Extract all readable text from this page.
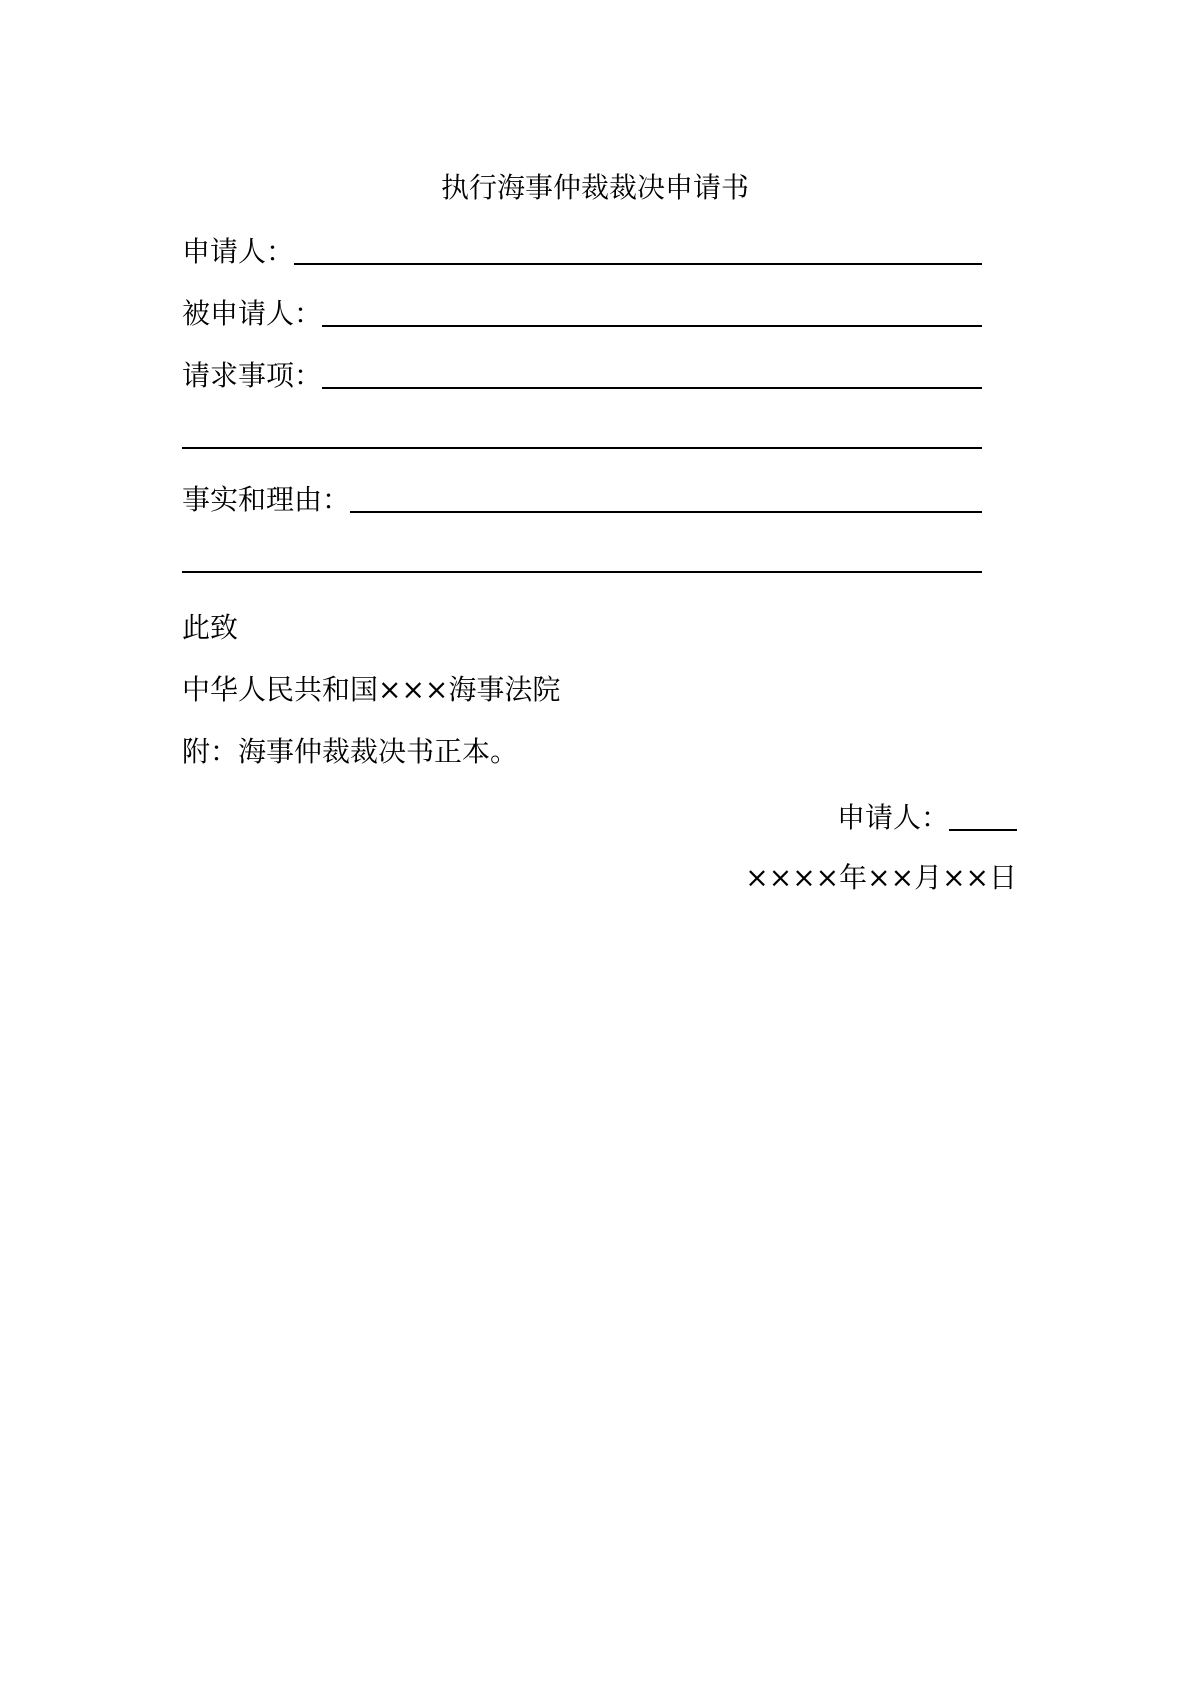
执行海事仲裁裁决申请书
申请人：
被申请人：
请求事项：
事实和理由：
此致
中华人民共和国×××海事法院
附：海事仲裁裁决书正本。
申请人：
××××年××月××日
